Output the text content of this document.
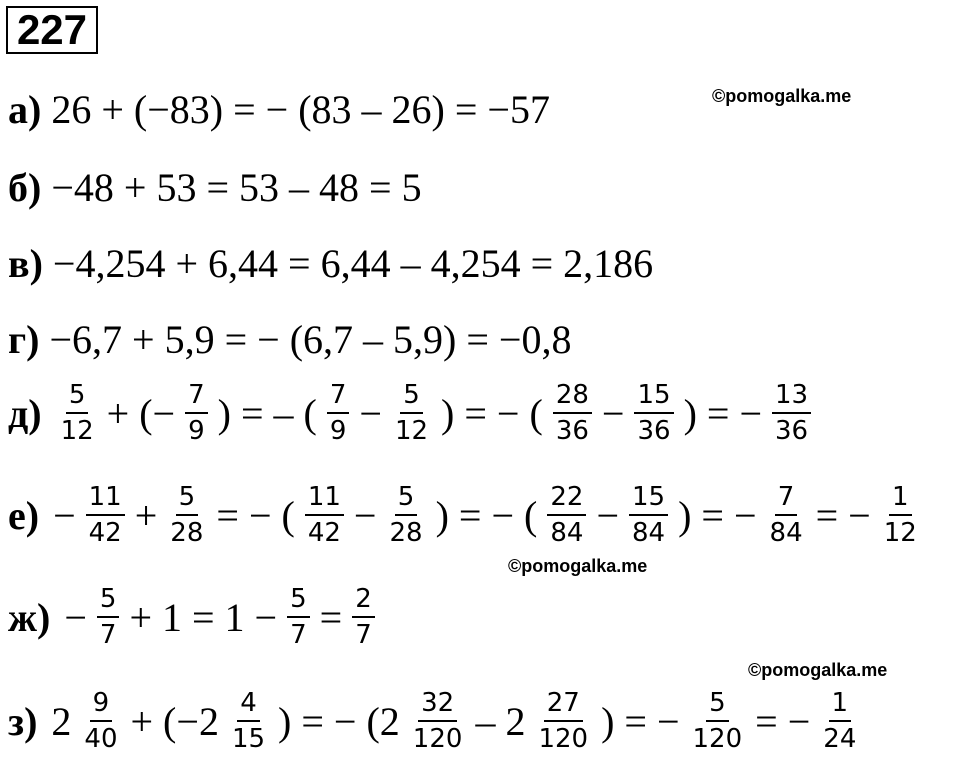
227
©pomogalka.me
©pomogalka.me
©pomogalka.me
а) 26 + (−83) = − (83 – 26) = −57
б) −48 + 53 = 53 – 48 = 5
в) −4,254 + 6,44 = 6,44 – 4,254 = 2,186
г) −6,7 + 5,9 = − (6,7 – 5,9) = −0,8
$д) \frac{5}{12}$ + (− $\frac{7}{9}$ ) = – ( $\frac{7}{9} - \frac{5}{12}$ ) = − ( $\frac{28}{36} - \frac{15}{36}$ ) = − $\frac{13}{36}$
$е) - \frac{11}{42} + \frac{5}{28}$ = − ( $\frac{11}{42} - \frac{5}{28}$ ) = − ( $\frac{22}{84} - \frac{15}{84}$ ) = − $\frac{7}{84}$ = − $\frac{1}{12}$
$ж) - \frac{5}{7} + 1 = 1 - \frac{5}{7} = \frac{2}{7}$
з) $2 \frac{9}{40} + (-2 \frac{4}{15}$ ) = − ($2 \frac{32}{120} - 2 \frac{27}{120}$ ) = − $\frac{5}{120}$ = − $\frac{1}{24}$
